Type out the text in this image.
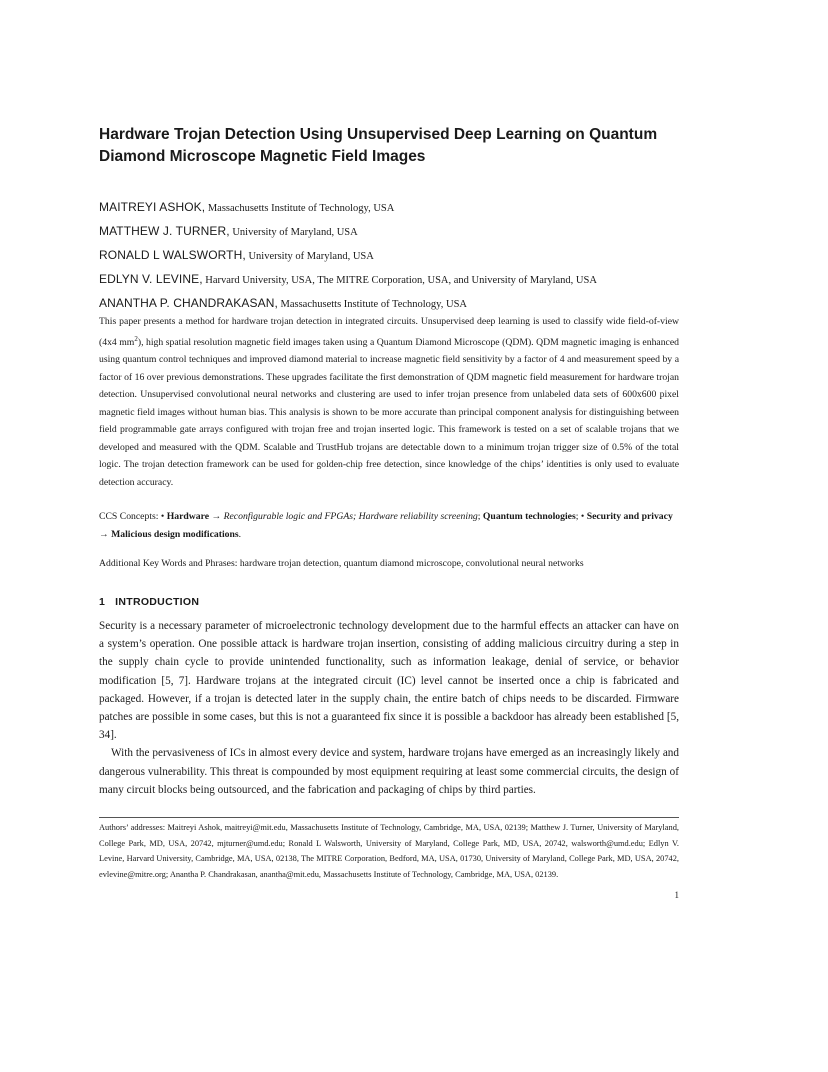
Hardware Trojan Detection Using Unsupervised Deep Learning on Quantum Diamond Microscope Magnetic Field Images
MAITREYI ASHOK, Massachusetts Institute of Technology, USA
MATTHEW J. TURNER, University of Maryland, USA
RONALD L WALSWORTH, University of Maryland, USA
EDLYN V. LEVINE, Harvard University, USA, The MITRE Corporation, USA, and University of Maryland, USA
ANANTHA P. CHANDRAKASAN, Massachusetts Institute of Technology, USA

This paper presents a method for hardware trojan detection in integrated circuits. Unsupervised deep learning is used to classify wide field-of-view (4x4 $mm^2$), high spatial resolution magnetic field images taken using a Quantum Diamond Microscope (QDM). QDM magnetic imaging is enhanced using quantum control techniques and improved diamond material to increase magnetic field sensitivity by a factor of 4 and measurement speed by a factor of 16 over previous demonstrations. These upgrades facilitate the first demonstration of QDM magnetic field measurement for hardware trojan detection. Unsupervised convolutional neural networks and clustering are used to infer trojan presence from unlabeled data sets of 600x600 pixel magnetic field images without human bias. This analysis is shown to be more accurate than principal component analysis for distinguishing between field programmable gate arrays configured with trojan free and trojan inserted logic. This framework is tested on a set of scalable trojans that we developed and measured with the QDM. Scalable and TrustHub trojans are detectable down to a minimum trojan trigger size of 0.5% of the total logic. The trojan detection framework can be used for golden-chip free detection, since knowledge of the chips’ identities is only used to evaluate detection accuracy.

CCS Concepts: • Hardware → Reconfigurable logic and FPGAs; Hardware reliability screening; Quantum technologies; • Security and privacy → Malicious design modifications.

Additional Key Words and Phrases: hardware trojan detection, quantum diamond microscope, convolutional neural networks

1 INTRODUCTION

Security is a necessary parameter of microelectronic technology development due to the harmful effects an attacker can have on a system’s operation. One possible attack is hardware trojan insertion, consisting of adding malicious circuitry during a step in the supply chain cycle to provide unintended functionality, such as information leakage, denial of service, or behavior modification [5, 7]. Hardware trojans at the integrated circuit (IC) level cannot be inserted once a chip is fabricated and packaged. However, if a trojan is detected later in the supply chain, the entire batch of chips needs to be discarded. Firmware patches are possible in some cases, but this is not a guaranteed fix since it is possible a backdoor has already been established [5, 34].

With the pervasiveness of ICs in almost every device and system, hardware trojans have emerged as an increasingly likely and dangerous vulnerability. This threat is compounded by most equipment requiring at least some commercial circuits, the design of many circuit blocks being outsourced, and the fabrication and packaging of chips by third parties.

Authors’ addresses: Maitreyi Ashok, maitreyi@mit.edu, Massachusetts Institute of Technology, Cambridge, MA, USA, 02139; Matthew J. Turner, University of Maryland, College Park, MD, USA, 20742, mjturner@umd.edu; Ronald L Walsworth, University of Maryland, College Park, MD, USA, 20742, walsworth@umd.edu; Edlyn V. Levine, Harvard University, Cambridge, MA, USA, 02138, The MITRE Corporation, Bedford, MA, USA, 01730, University of Maryland, College Park, MD, USA, 20742, evlevine@mitre.org; Anantha P. Chandrakasan, anantha@mit.edu, Massachusetts Institute of Technology, Cambridge, MA, USA, 02139.

1
